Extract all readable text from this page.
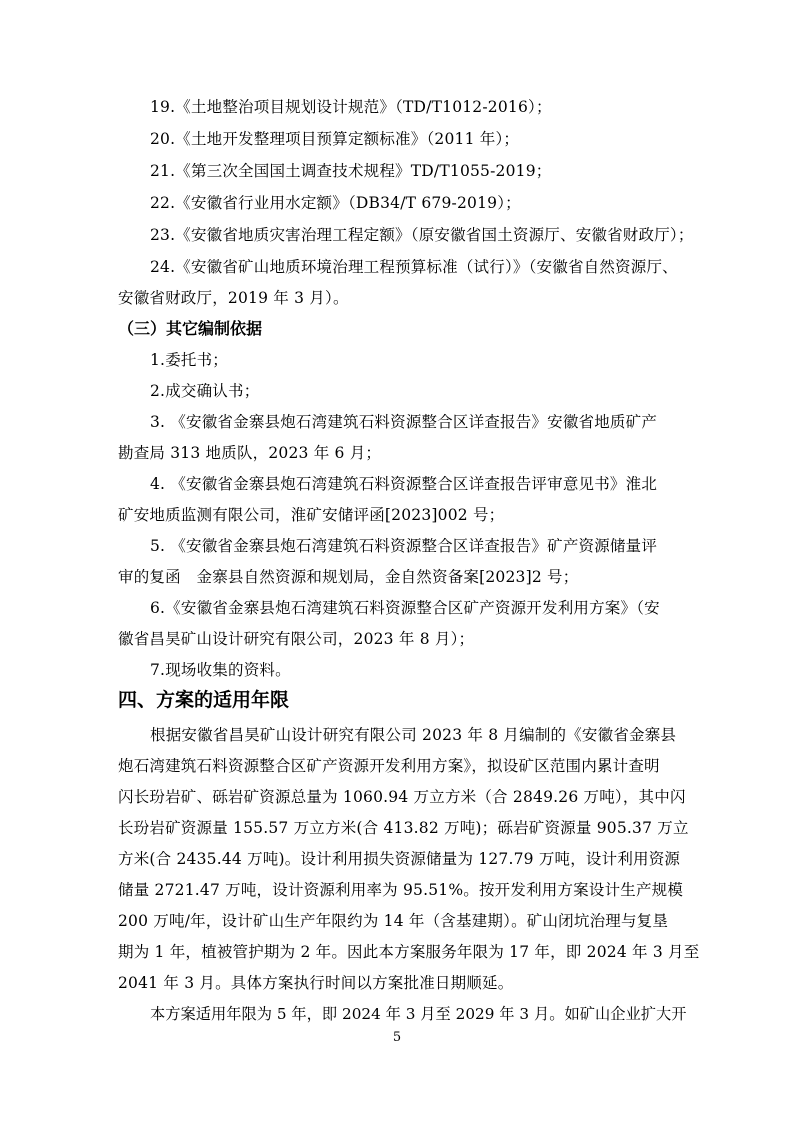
19.《土地整治项目规划设计规范》（TD/T1012-2016）；
20.《土地开发整理项目预算定额标准》（2011 年）；
21.《第三次全国国土调查技术规程》TD/T1055-2019；
22.《安徽省行业用水定额》（DB34/T 679-2019）；
23.《安徽省地质灾害治理工程定额》（原安徽省国土资源厅、安徽省财政厅）；
24.《安徽省矿山地质环境治理工程预算标准（试行）》（安徽省自然资源厅、
安徽省财政厅，2019 年 3 月）。
（三）其它编制依据
1.委托书；
2.成交确认书；
3. 《安徽省金寨县炮石湾建筑石料资源整合区详查报告》安徽省地质矿产
勘查局 313 地质队，2023 年 6 月；
4. 《安徽省金寨县炮石湾建筑石料资源整合区详查报告评审意见书》淮北
矿安地质监测有限公司，淮矿安储评函[2023]002 号；
5. 《安徽省金寨县炮石湾建筑石料资源整合区详查报告》矿产资源储量评
审的复函　金寨县自然资源和规划局，金自然资备案[2023]2 号；
6.《安徽省金寨县炮石湾建筑石料资源整合区矿产资源开发利用方案》（安
徽省昌昊矿山设计研究有限公司，2023 年 8 月）；
7.现场收集的资料。
四、方案的适用年限
根据安徽省昌昊矿山设计研究有限公司 2023 年 8 月编制的《安徽省金寨县
炮石湾建筑石料资源整合区矿产资源开发利用方案》，拟设矿区范围内累计查明
闪长玢岩矿、砾岩矿资源总量为 1060.94 万立方米（合 2849.26 万吨），其中闪
长玢岩矿资源量 155.57 万立方米(合 413.82 万吨)；砾岩矿资源量 905.37 万立
方米(合 2435.44 万吨)。设计利用损失资源储量为 127.79 万吨，设计利用资源
储量 2721.47 万吨，设计资源利用率为 95.51%。按开发利用方案设计生产规模
200 万吨/年，设计矿山生产年限约为 14 年（含基建期）。矿山闭坑治理与复垦
期为 1 年，植被管护期为 2 年。因此本方案服务年限为 17 年，即 2024 年 3 月至
2041 年 3 月。具体方案执行时间以方案批准日期顺延。
本方案适用年限为 5 年，即 2024 年 3 月至 2029 年 3 月。如矿山企业扩大开
5
